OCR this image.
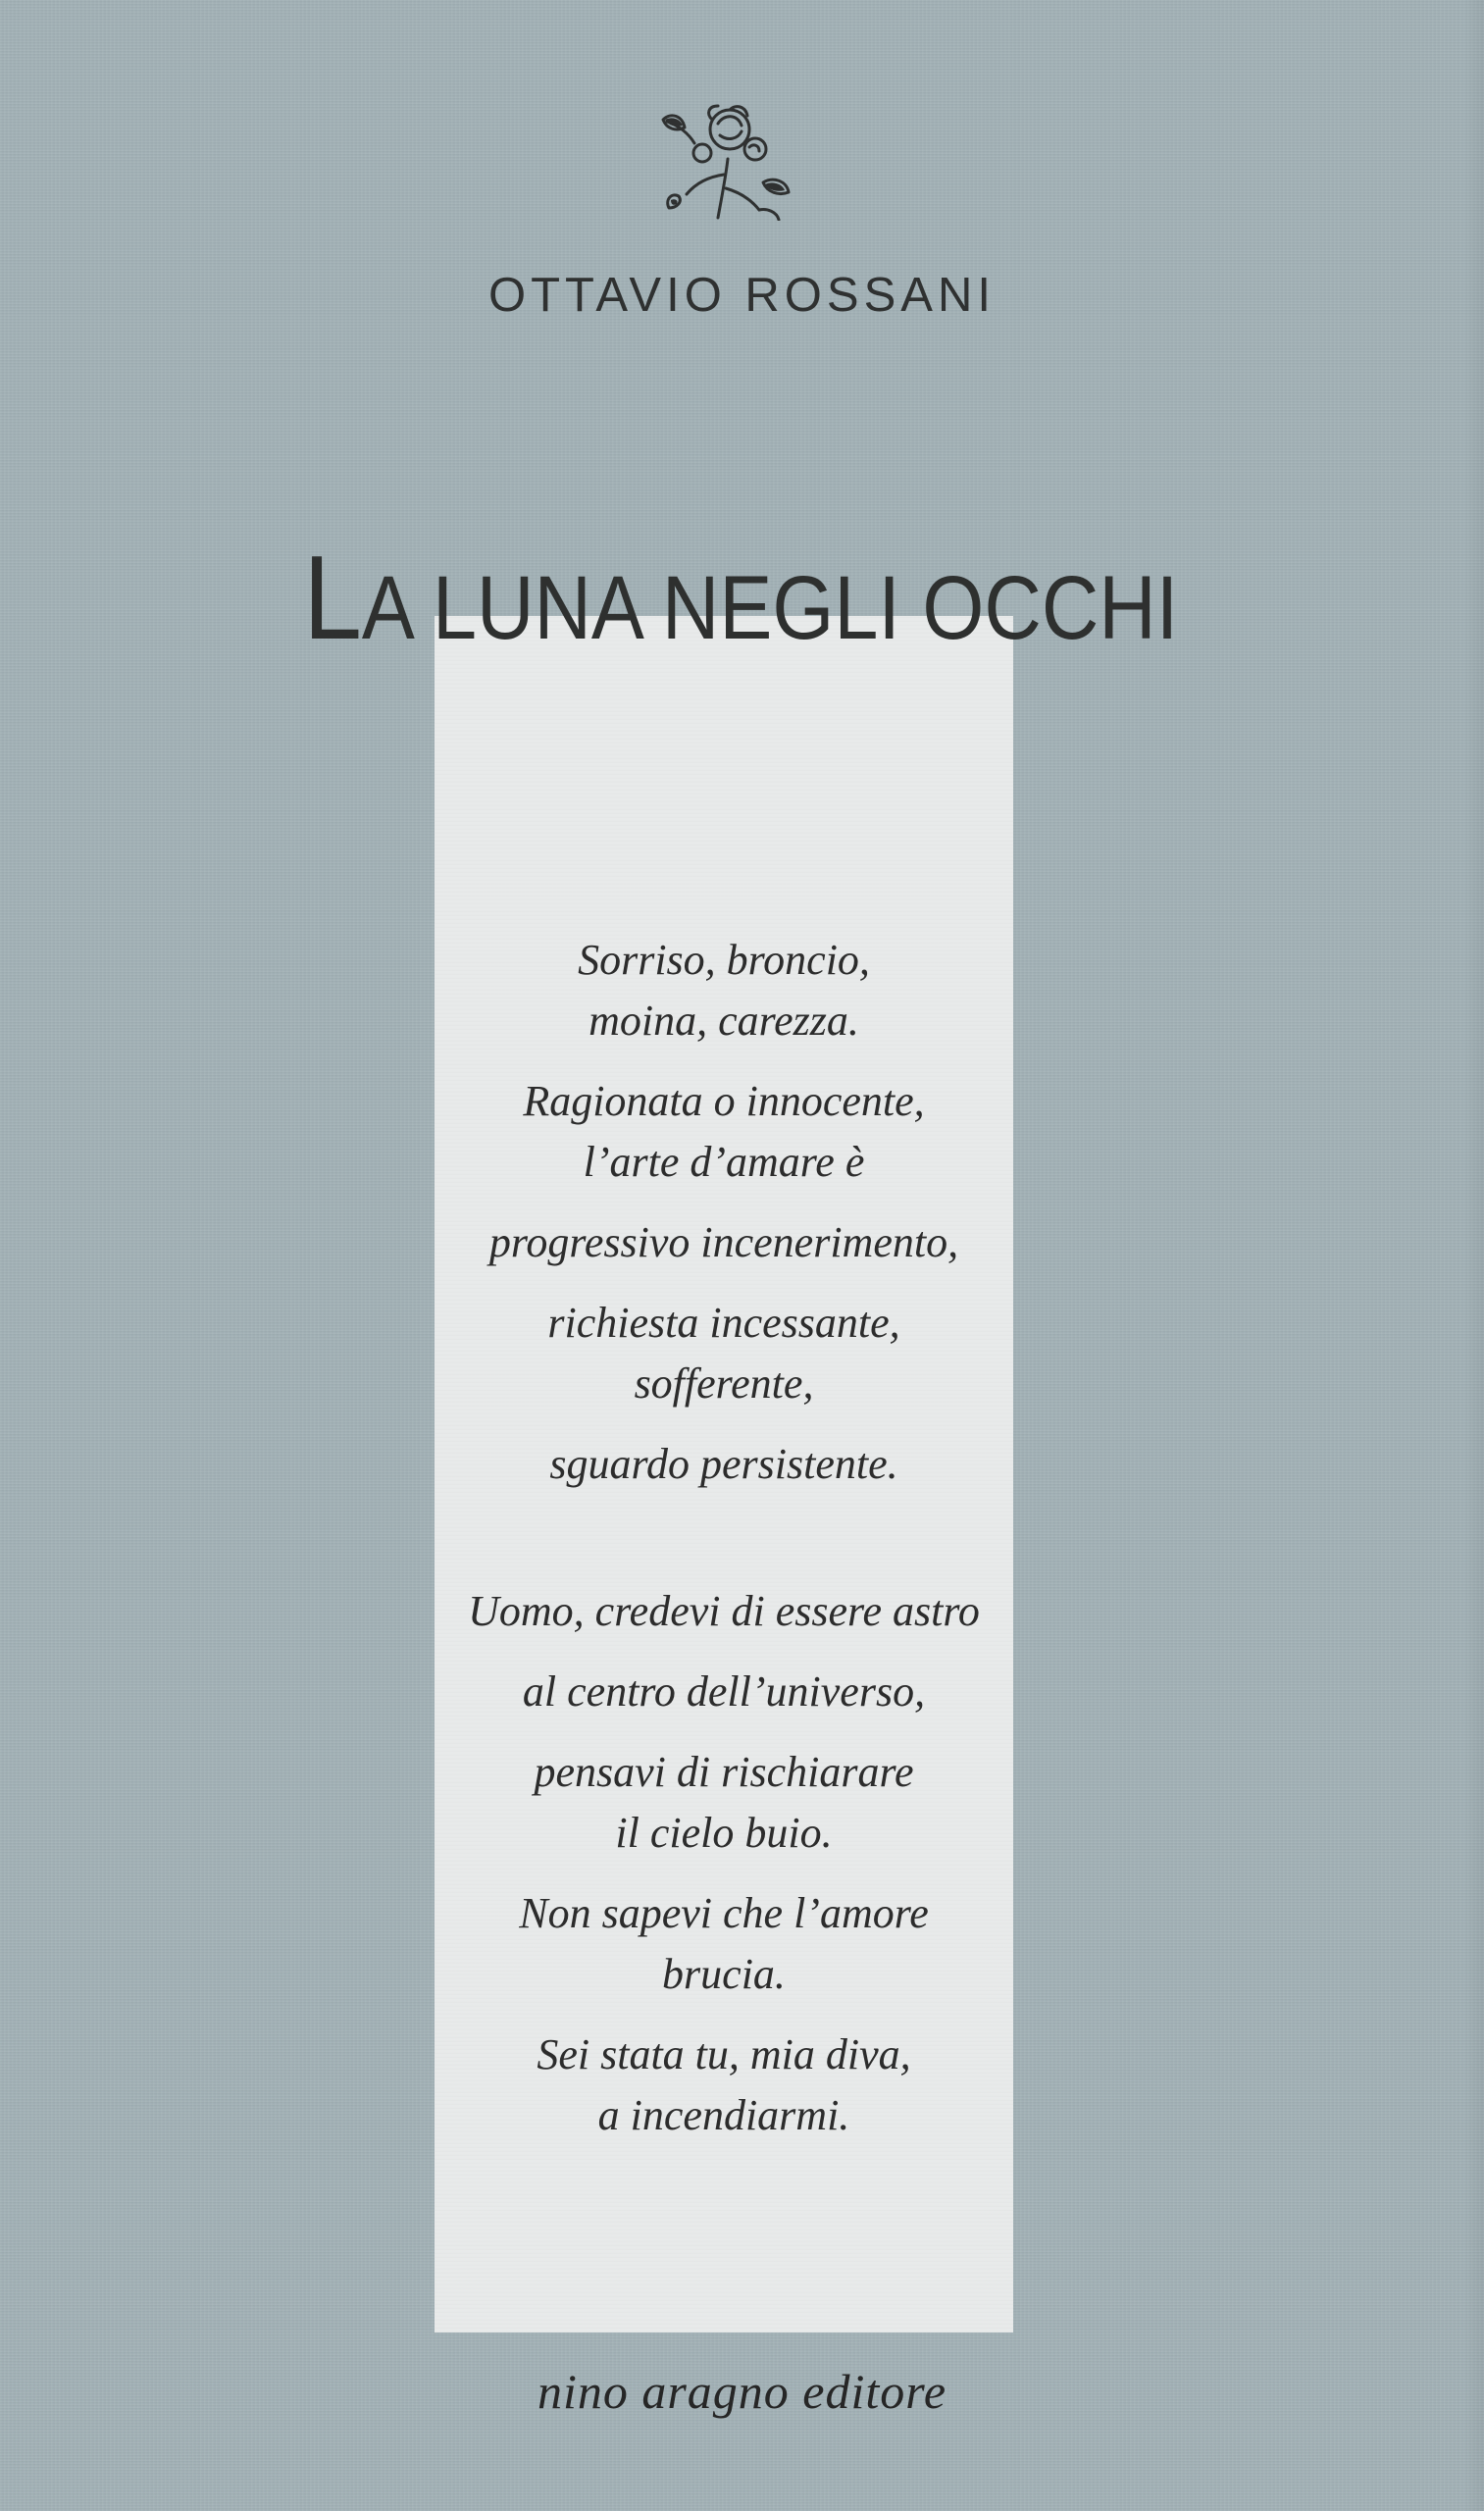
OTTAVIO ROSSANI
LA LUNA NEGLI OCCHI
Sorriso, broncio,
moina, carezza.
Ragionata o innocente,
l’arte d’amare è
progressivo incenerimento,
richiesta incessante,
sofferente,
sguardo persistente.
Uomo, credevi di essere astro
al centro dell’universo,
pensavi di rischiarare
il cielo buio.
Non sapevi che l’amore
brucia.
Sei stata tu, mia diva,
a incendiarmi.
nino aragno editore
